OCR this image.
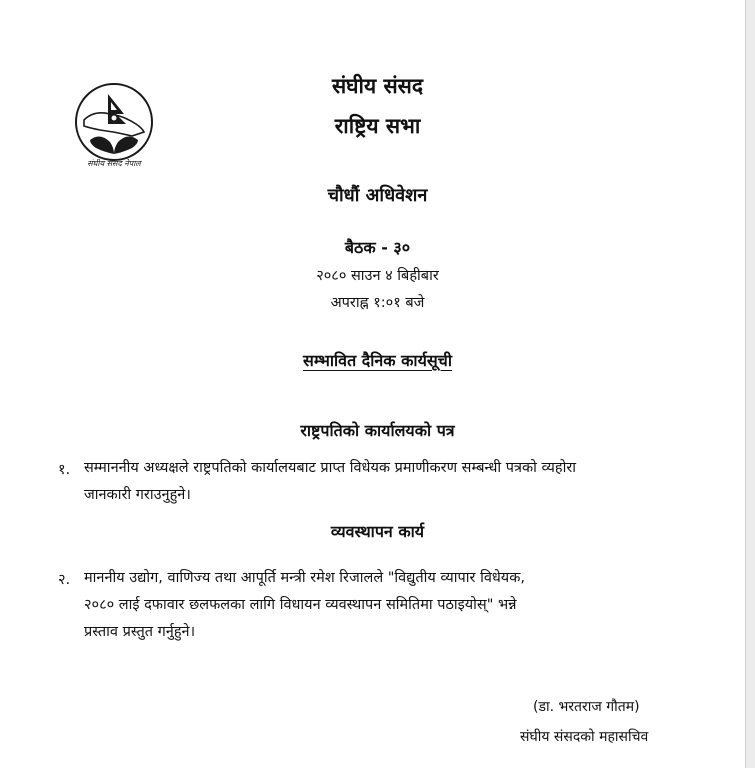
संघीय संसद नेपाल
संघीय संसद
राष्ट्रिय सभा
चौधौं अधिवेशन
बैठक - ३०
२०८० साउन ४ बिहीबार
अपराह्न १:०१ बजे
सम्भावित दैनिक कार्यसूची
राष्ट्रपतिको कार्यालयको पत्र
१. सम्माननीय अध्यक्षले राष्ट्रपतिको कार्यालयबाट प्राप्त विधेयक प्रमाणीकरण सम्बन्धी पत्रको व्यहोरा
जानकारी गराउनुहुने।
व्यवस्थापन कार्य
२. माननीय उद्योग, वाणिज्य तथा आपूर्ति मन्त्री रमेश रिजालले "विद्युतीय व्यापार विधेयक,
२०८० लाई दफावार छलफलका लागि विधायन व्यवस्थापन समितिमा पठाइयोस्" भन्ने
प्रस्ताव प्रस्तुत गर्नुहुने।
(डा. भरतराज गौतम)
संघीय संसदको महासचिव
